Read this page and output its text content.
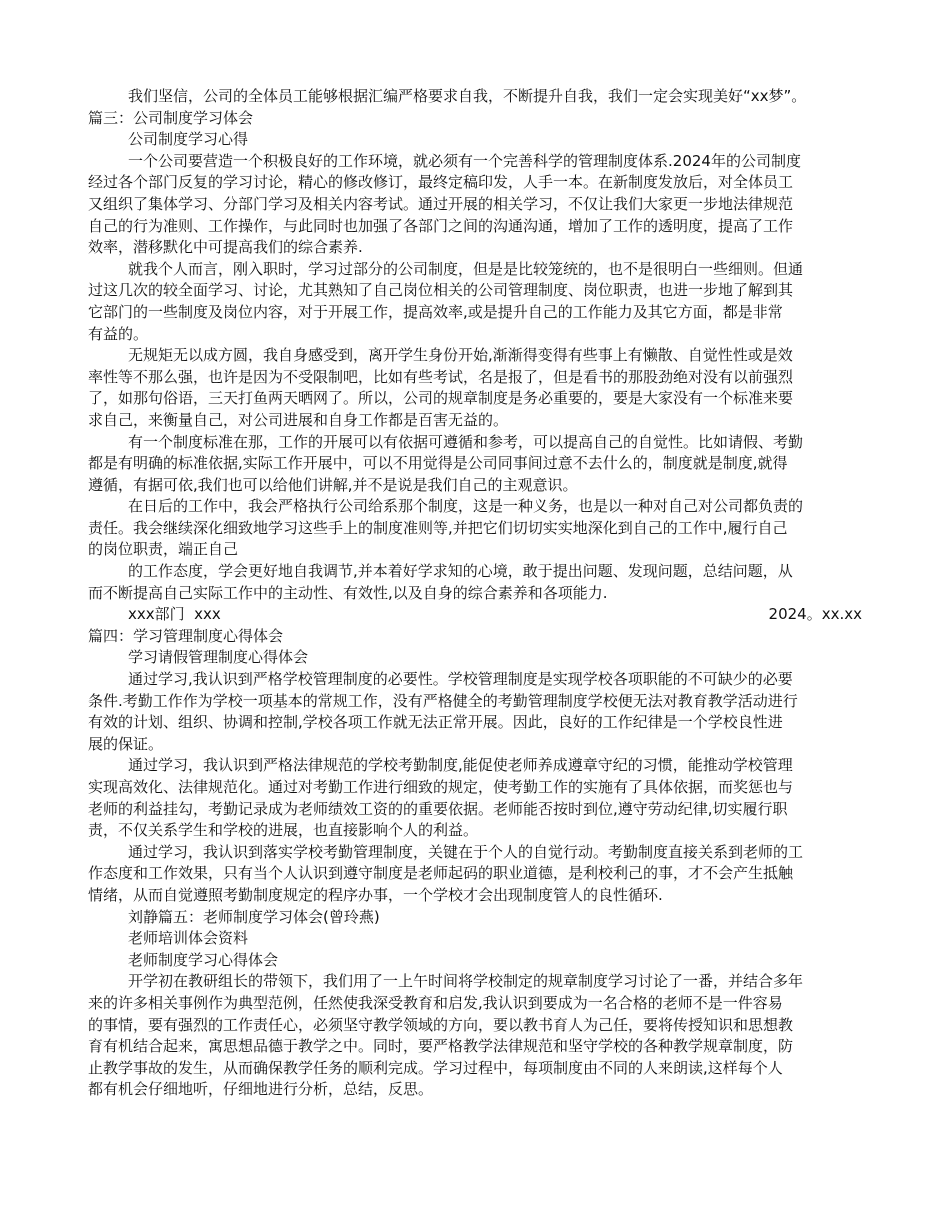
我们坚信，公司的全体员工能够根据汇编严格要求自我，不断提升自我，我们一定会实现美好“xx梦”。
篇三：公司制度学习体会
公司制度学习心得
一个公司要营造一个积极良好的工作环境，就必须有一个完善科学的管理制度体系.2024年的公司制度
经过各个部门反复的学习讨论，精心的修改修订，最终定稿印发，人手一本。在新制度发放后，对全体员工
又组织了集体学习、分部门学习及相关内容考试。通过开展的相关学习，不仅让我们大家更一步地法律规范
自己的行为准则、工作操作，与此同时也加强了各部门之间的沟通沟通，增加了工作的透明度，提高了工作
效率，潜移默化中可提高我们的综合素养.
就我个人而言，刚入职时，学习过部分的公司制度，但是是比较笼统的，也不是很明白一些细则。但通
过这几次的较全面学习、讨论，尤其熟知了自己岗位相关的公司管理制度、岗位职责，也进一步地了解到其
它部门的一些制度及岗位内容，对于开展工作，提高效率,或是提升自己的工作能力及其它方面，都是非常
有益的。
无规矩无以成方圆，我自身感受到，离开学生身份开始,渐渐得变得有些事上有懒散、自觉性性或是效
率性等不那么强，也许是因为不受限制吧，比如有些考试，名是报了，但是看书的那股劲绝对没有以前强烈
了，如那句俗语，三天打鱼两天晒网了。所以，公司的规章制度是务必重要的，要是大家没有一个标准来要
求自己，来衡量自己，对公司进展和自身工作都是百害无益的。
有一个制度标准在那，工作的开展可以有依据可遵循和参考，可以提高自己的自觉性。比如请假、考勤
都是有明确的标准依据,实际工作开展中，可以不用觉得是公司同事间过意不去什么的，制度就是制度,就得
遵循，有据可依,我们也可以给他们讲解,并不是说是我们自己的主观意识。
在日后的工作中，我会严格执行公司给系那个制度，这是一种义务，也是以一种对自己对公司都负责的
责任。我会继续深化细致地学习这些手上的制度准则等,并把它们切切实实地深化到自己的工作中,履行自己
的岗位职责，端正自己
的工作态度，学会更好地自我调节,并本着好学求知的心境，敢于提出问题、发现问题，总结问题，从
而不断提高自己实际工作中的主动性、有效性,以及自身的综合素养和各项能力.
xxx部门  xxx	2024。xx.xx
篇四：学习管理制度心得体会
学习请假管理制度心得体会
通过学习,我认识到严格学校管理制度的必要性。学校管理制度是实现学校各项职能的不可缺少的必要
条件.考勤工作作为学校一项基本的常规工作，没有严格健全的考勤管理制度学校便无法对教育教学活动进行
有效的计划、组织、协调和控制,学校各项工作就无法正常开展。因此，良好的工作纪律是一个学校良性进
展的保证。
通过学习，我认识到严格法律规范的学校考勤制度,能促使老师养成遵章守纪的习惯，能推动学校管理
实现高效化、法律规范化。通过对考勤工作进行细致的规定，使考勤工作的实施有了具体依据，而奖惩也与
老师的利益挂勾，考勤记录成为老师绩效工资的的重要依据。老师能否按时到位,遵守劳动纪律,切实履行职
责，不仅关系学生和学校的进展，也直接影响个人的利益。
通过学习，我认识到落实学校考勤管理制度，关键在于个人的自觉行动。考勤制度直接关系到老师的工
作态度和工作效果，只有当个人认识到遵守制度是老师起码的职业道德，是利校利己的事，才不会产生抵触
情绪，从而自觉遵照考勤制度规定的程序办事，一个学校才会出现制度管人的良性循环.
刘静篇五：老师制度学习体会(曾玲燕)
老师培训体会资料
老师制度学习心得体会
开学初在教研组长的带领下，我们用了一上午时间将学校制定的规章制度学习讨论了一番，并结合多年
来的许多相关事例作为典型范例，任然使我深受教育和启发,我认识到要成为一名合格的老师不是一件容易
的事情，要有强烈的工作责任心，必须坚守教学领域的方向，要以教书育人为己任，要将传授知识和思想教
育有机结合起来，寓思想品德于教学之中。同时，要严格教学法律规范和坚守学校的各种教学规章制度，防
止教学事故的发生，从而确保教学任务的顺利完成。学习过程中，每项制度由不同的人来朗读,这样每个人
都有机会仔细地听，仔细地进行分析，总结，反思。
